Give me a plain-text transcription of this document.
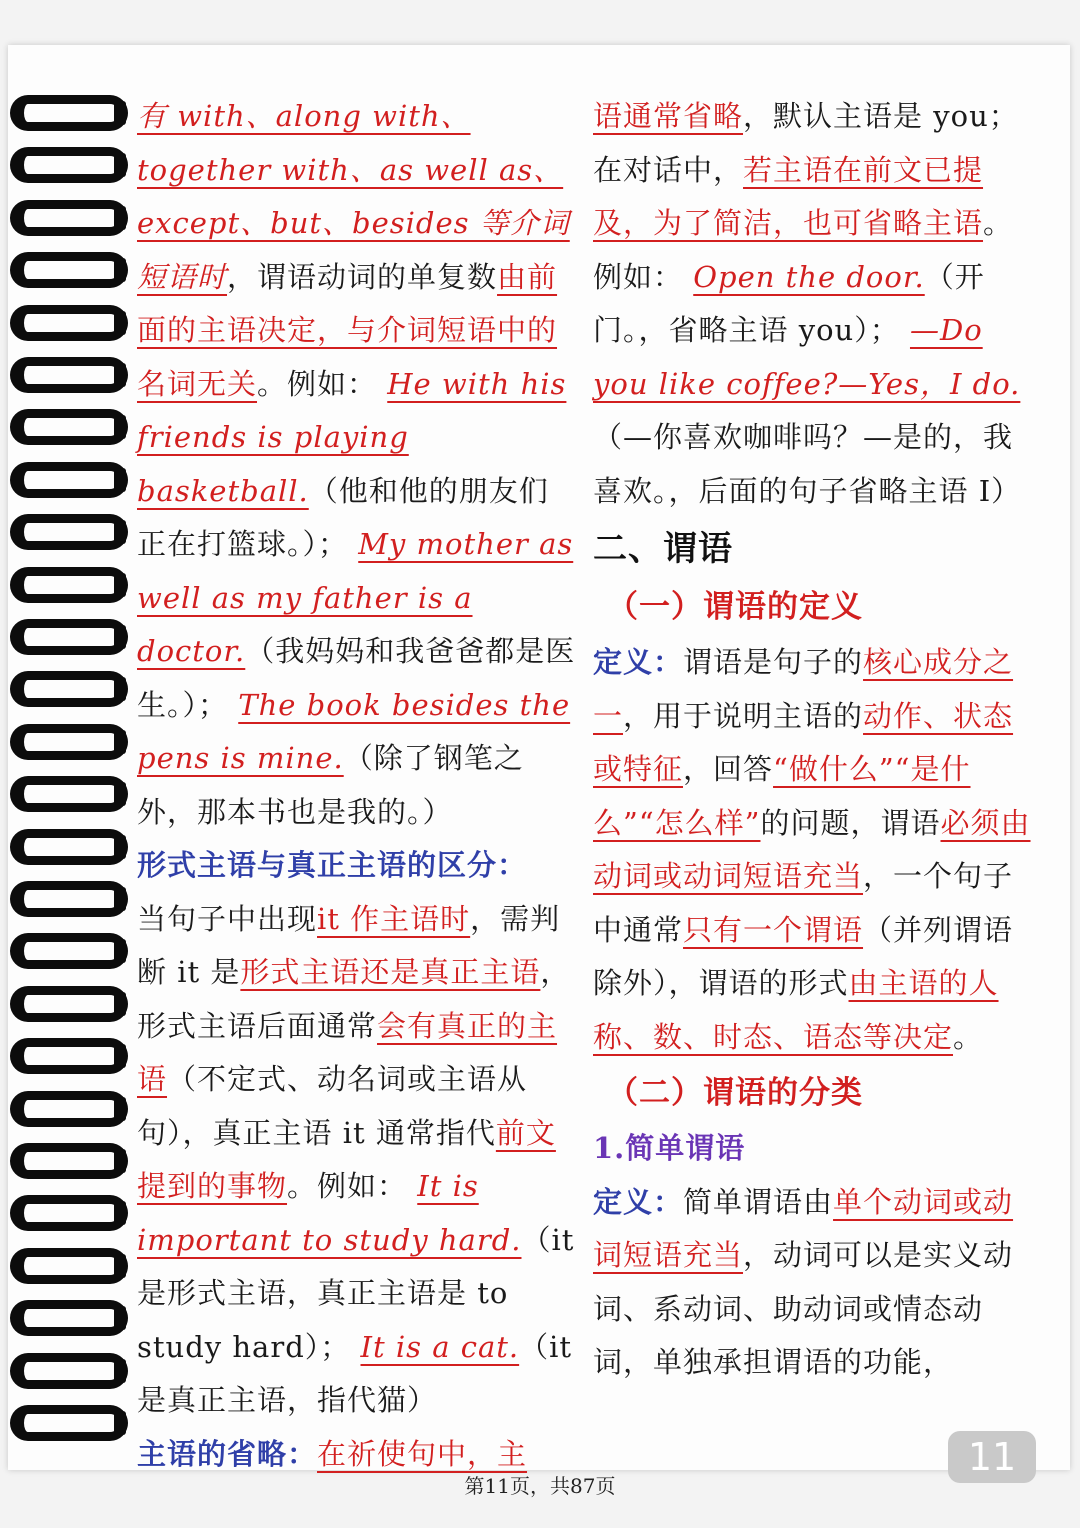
有 with、along with、together with、as well as、except、but、besides 等介词短语时，谓语动词的单复数由前面的主语决定，与介词短语中的名词无关。例如： He with his friends is playing basketball.（他和他的朋友们正在打篮球。）； My mother as well as my father is a doctor.（我妈妈和我爸爸都是医生。）； The book besides the pens is mine.（除了钢笔之外，那本书也是我的。）
形式主语与真正主语的区分：
当句子中出现it 作主语时，需判断 it 是形式主语还是真正主语，形式主语后面通常会有真正的主语（不定式、动名词或主语从句），真正主语 it 通常指代前文提到的事物。例如： It is important to study hard.（it 是形式主语，真正主语是 to study hard）； It is a cat.（it 是真正主语，指代猫）
主语的省略：在祈使句中，主
语通常省略，默认主语是 you；在对话中，若主语在前文已提及，为了简洁，也可省略主语。例如： Open the door.（开门。，省略主语 you）； —Do you like coffee?—Yes，I do.（—你喜欢咖啡吗？—是的，我喜欢。，后面的句子省略主语 I）
二、谓语
（一）谓语的定义
定义：谓语是句子的核心成分之一，用于说明主语的动作、状态或特征，回答“做什么”“是什么”“怎么样”的问题，谓语必须由动词或动词短语充当，一个句子中通常只有一个谓语（并列谓语除外），谓语的形式由主语的人称、数、时态、语态等决定。
（二）谓语的分类
1.简单谓语
定义：简单谓语由单个动词或动词短语充当，动词可以是实义动词、系动词、助动词或情态动词，单独承担谓语的功能，
11
第11页，共87页
